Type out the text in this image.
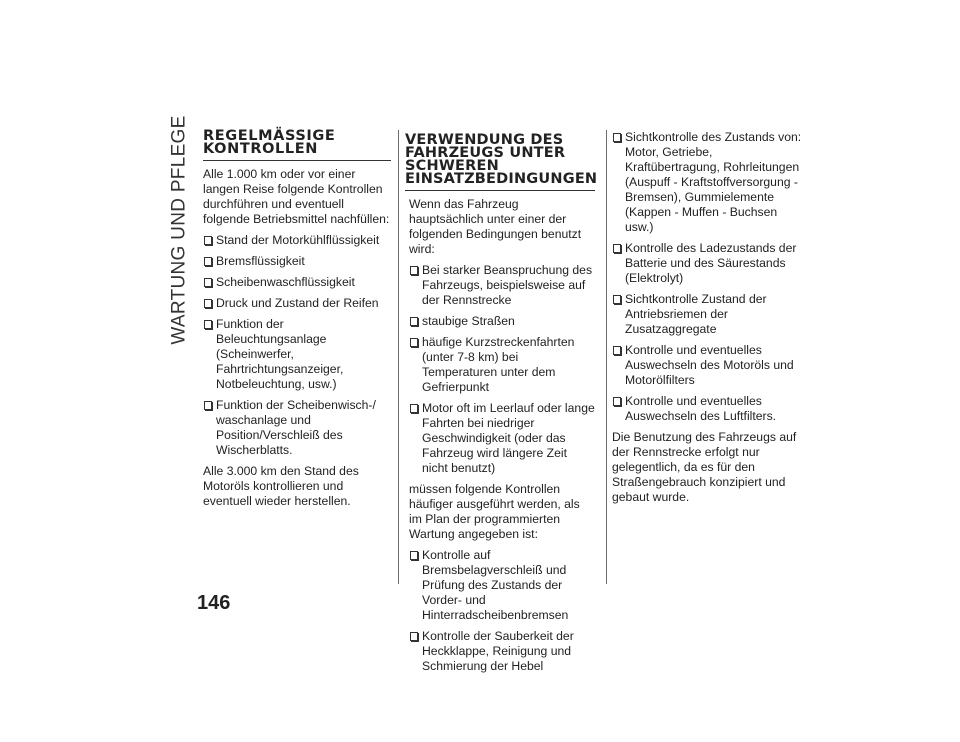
WARTUNG UND PFLEGE REGELMÄSSIGE
KONTROLLEN

Alle 1.000 km oder vor einer langen Reise folgende Kontrollen durchführen und eventuell folgende Betriebsmittel nachfüllen:

Stand der Motorkühlflüssigkeit
Bremsflüssigkeit
Scheibenwaschflüssigkeit
Druck und Zustand der Reifen
Funktion der Beleuchtungsanlage (Scheinwerfer, Fahrtrichtungsanzeiger, Notbeleuchtung, usw.)
Funktion der Scheibenwisch-/ waschanlage und Position/Verschleiß des Wischerblatts.

Alle 3.000 km den Stand des Motoröls kontrollieren und eventuell wieder herstellen.

VERWENDUNG DES
FAHRZEUGS UNTER
SCHWEREN
EINSATZBEDINGUNGEN

Wenn das Fahrzeug hauptsächlich unter einer der folgenden Bedingungen benutzt wird:

Bei starker Beanspruchung des Fahrzeugs, beispielsweise auf der Rennstrecke
staubige Straßen
häufige Kurzstreckenfahrten (unter 7-8 km) bei Temperaturen unter dem Gefrierpunkt
Motor oft im Leerlauf oder lange Fahrten bei niedriger Geschwindigkeit (oder das Fahrzeug wird längere Zeit nicht benutzt)

müssen folgende Kontrollen häufiger ausgeführt werden, als im Plan der programmierten Wartung angegeben ist:

Kontrolle auf Bremsbelagverschleiß und Prüfung des Zustands der Vorder- und Hinterradscheibenbremsen
Kontrolle der Sauberkeit der Heckklappe, Reinigung und Schmierung der Hebel
Sichtkontrolle des Zustands von: Motor, Getriebe, Kraftübertragung, Rohrleitungen (Auspuff - Kraftstoffversorgung - Bremsen), Gummielemente (Kappen - Muffen - Buchsen usw.)
Kontrolle des Ladezustands der Batterie und des Säurestands (Elektrolyt)
Sichtkontrolle Zustand der Antriebsriemen der Zusatzaggregate
Kontrolle und eventuelles Auswechseln des Motoröls und Motorölfilters
Kontrolle und eventuelles Auswechseln des Luftfilters.

Die Benutzung des Fahrzeugs auf der Rennstrecke erfolgt nur gelegentlich, da es für den Straßengebrauch konzipiert und gebaut wurde.

146
